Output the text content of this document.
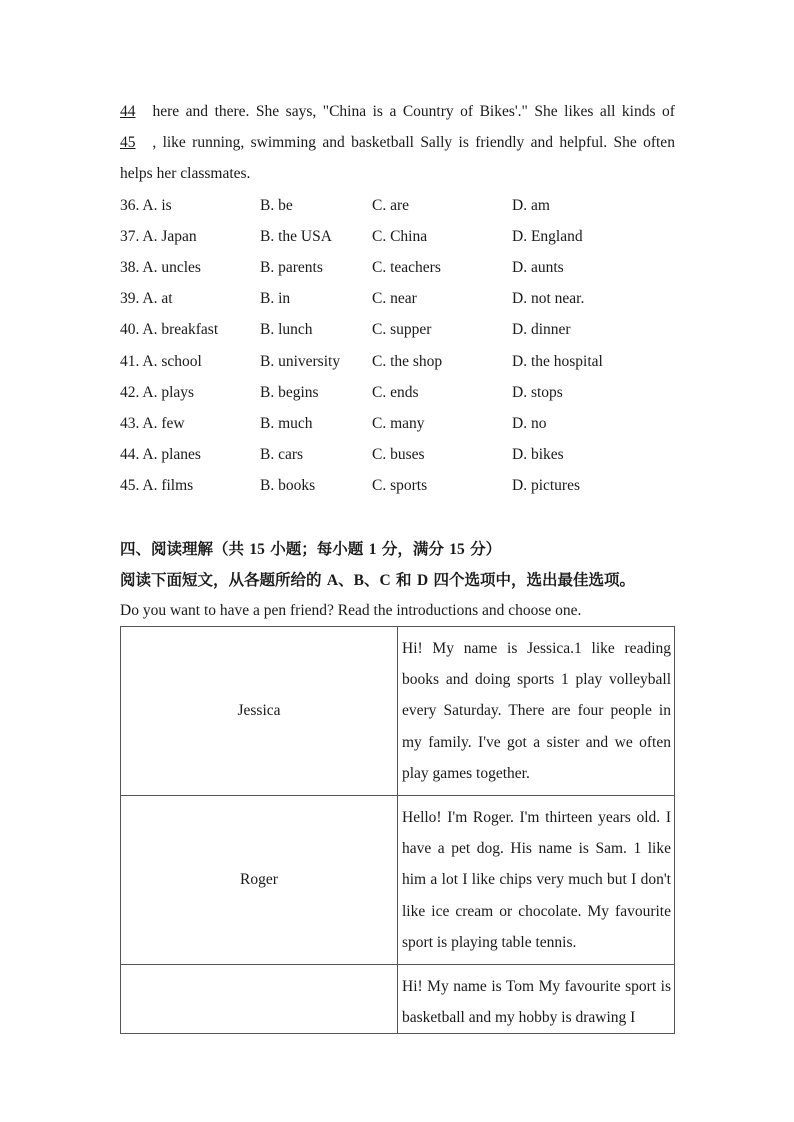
44	here and there. She says, "China is a Country of Bikes'." She likes all kinds of
45	, like running, swimming and basketball Sally is friendly and helpful. She often
helps her classmates.
36. A. is	B. be	C. are	D. am
37. A. Japan	B. the USA	C. China	D. England
38. A. uncles	B. parents	C. teachers	D. aunts
39. A. at	B. in	C. near	D. not near.
40. A. breakfast	B. lunch	C. supper	D. dinner
41. A. school	B. university C. the shop	D. the hospital
42. A. plays	B. begins	C. ends	D. stops
43. A. few	B. much	C. many	D. no
44. A. planes	B. cars	C. buses	D. bikes
45. A. films	B. books	C. sports	D. pictures
四、阅读理解（共 15 小题；每小题 1 分，满分 15 分）
阅读下面短文，从各题所给的 A、B、C 和 D 四个选项中，选出最佳选项。
Do you want to have a pen friend? Read the introductions and choose one.
Jessica	Hi! My name is Jessica.1 like reading books and doing sports 1 play volleyball every Saturday. There are four people in my family. I've got a sister and we often play games together.
Roger	Hello! I'm Roger. I'm thirteen years old. I have a pet dog. His name is Sam. 1 like him a lot I like chips very much but I don't like ice cream or chocolate. My favourite sport is playing table tennis.
	Hi! My name is Tom My favourite sport is basketball and my hobby is drawing I
